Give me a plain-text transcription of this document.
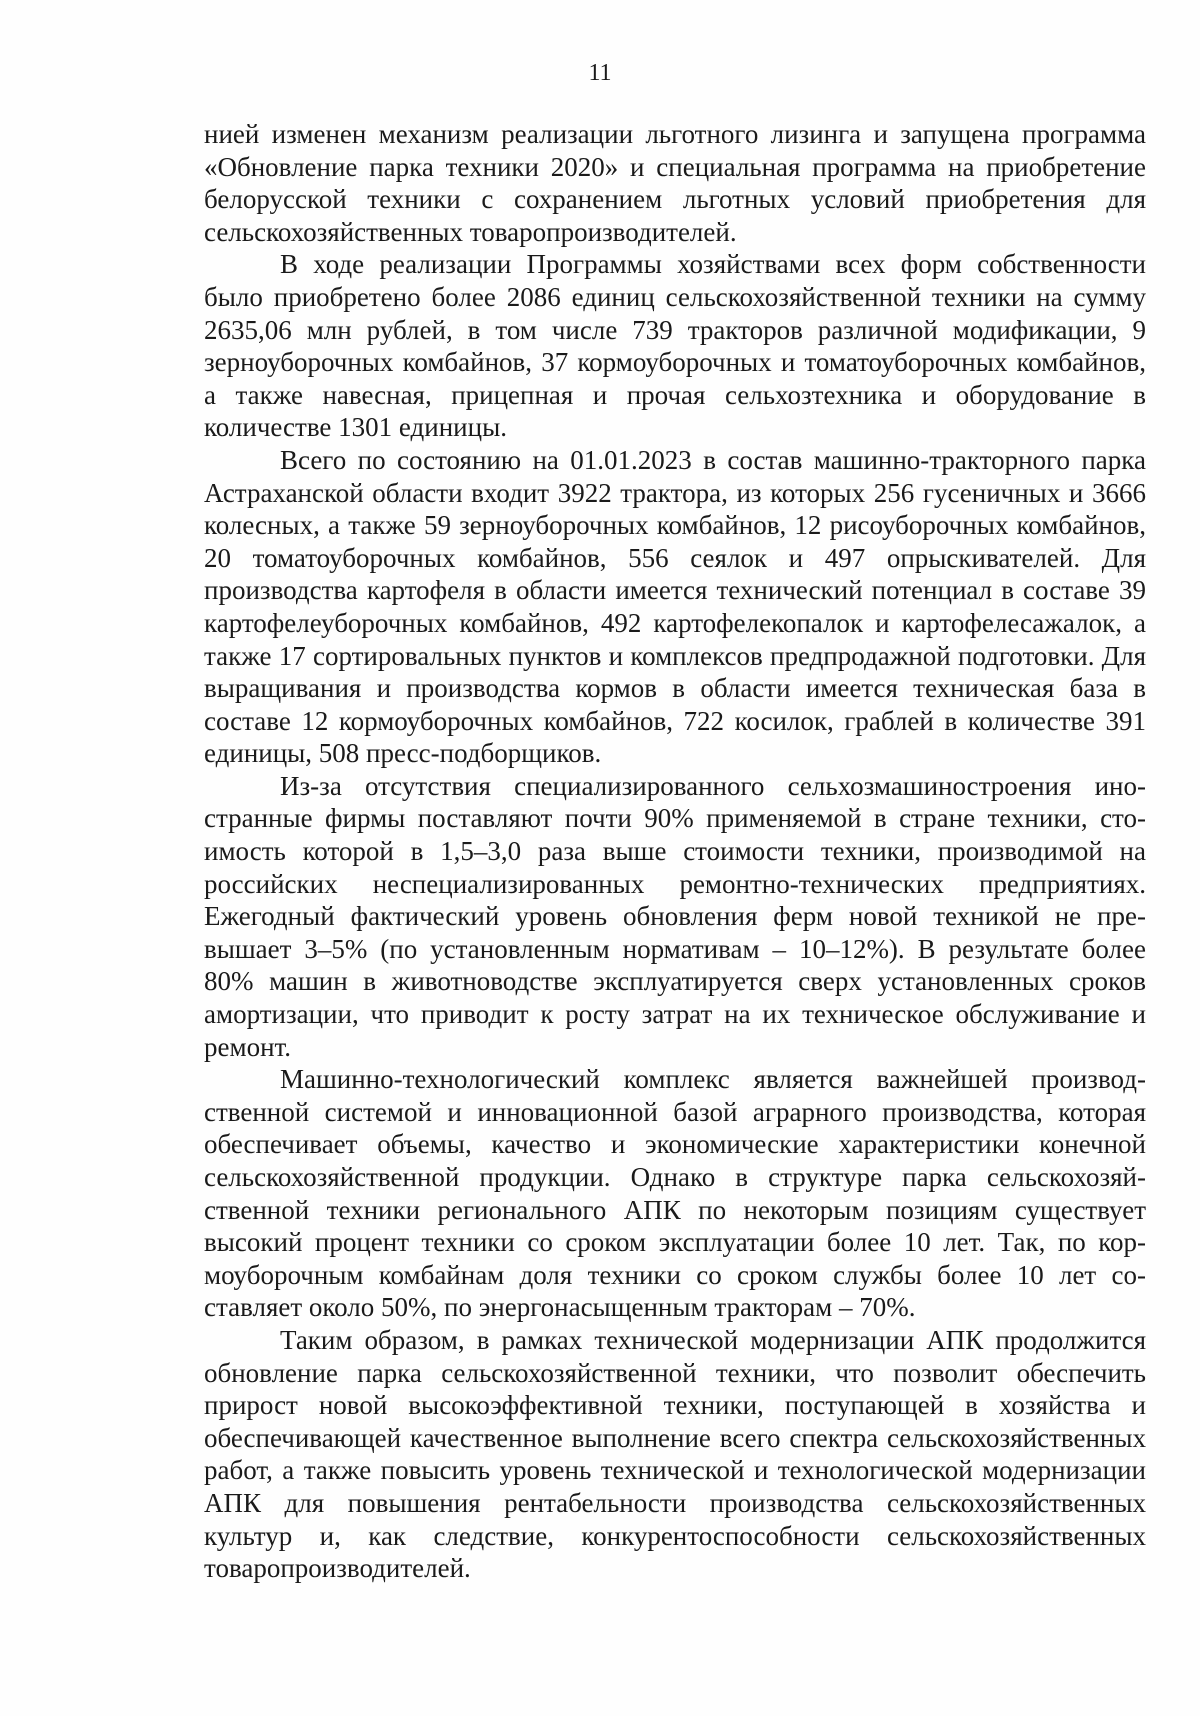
11

нией изменен механизм реализации льготного лизинга и запущена программа «Обновление парка техники 2020» и специальная программа на приобретение белорусской техники с сохранением льготных условий приобретения для сельскохозяйственных товаропроизводителей.

В ходе реализации Программы хозяйствами всех форм собственности было приобретено более 2086 единиц сельскохозяйственной техники на сумму 2635,06 млн рублей, в том числе 739 тракторов различной модификации, 9 зерноуборочных комбайнов, 37 кормоуборочных и томатоуборочных комбайнов, а также навесная, прицепная и прочая сельхозтехника и оборудование в количестве 1301 единицы.

Всего по состоянию на 01.01.2023 в состав машинно-тракторного парка Астраханской области входит 3922 трактора, из которых 256 гусеничных и 3666 колесных, а также 59 зерноуборочных комбайнов, 12 рисоуборочных комбайнов, 20 томатоуборочных комбайнов, 556 сеялок и 497 опрыскивателей. Для производства картофеля в области имеется технический потенциал в составе 39 картофелеуборочных комбайнов, 492 картофелекопалок и картофелесажалок, а также 17 сортировальных пунктов и комплексов предпродажной подготовки. Для выращивания и производства кормов в области имеется техническая база в составе 12 кормоуборочных комбайнов, 722 косилок, граблей в количестве 391 единицы, 508 пресс-подборщиков.

Из-за отсутствия специализированного сельхозмашиностроения иностранные фирмы поставляют почти 90% применяемой в стране техники, стоимость которой в 1,5–3,0 раза выше стоимости техники, производимой на российских неспециализированных ремонтно-технических предприятиях. Ежегодный фактический уровень обновления ферм новой техникой не превышает 3–5% (по установленным нормативам – 10–12%). В результате более 80% машин в животноводстве эксплуатируется сверх установленных сроков амортизации, что приводит к росту затрат на их техническое обслуживание и ремонт.

Машинно-технологический комплекс является важнейшей производственной системой и инновационной базой аграрного производства, которая обеспечивает объемы, качество и экономические характеристики конечной сельскохозяйственной продукции. Однако в структуре парка сельскохозяйственной техники регионального АПК по некоторым позициям существует высокий процент техники со сроком эксплуатации более 10 лет. Так, по кормоуборочным комбайнам доля техники со сроком службы более 10 лет составляет около 50%, по энергонасыщенным тракторам – 70%.

Таким образом, в рамках технической модернизации АПК продолжится обновление парка сельскохозяйственной техники, что позволит обеспечить прирост новой высокоэффективной техники, поступающей в хозяйства и обеспечивающей качественное выполнение всего спектра сельскохозяйственных работ, а также повысить уровень технической и технологической модернизации АПК для повышения рентабельности производства сельскохозяйственных культур и, как следствие, конкурентоспособности сельскохозяйственных товаропроизводителей.
